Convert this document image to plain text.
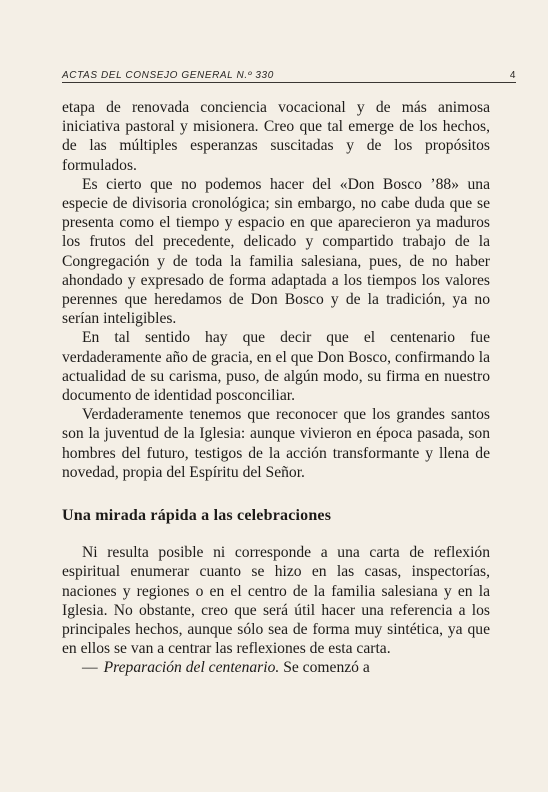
ACTAS DEL CONSEJO GENERAL N.º 330	4

etapa de renovada conciencia vocacional y de más animosa iniciativa pastoral y misionera. Creo que tal emerge de los hechos, de las múltiples esperanzas suscitadas y de los propósitos formulados.

Es cierto que no podemos hacer del «Don Bosco ’88» una especie de divisoria cronológica; sin embargo, no cabe duda que se presenta como el tiempo y espacio en que aparecieron ya maduros los frutos del precedente, delicado y compartido trabajo de la Congregación y de toda la familia salesiana, pues, de no haber ahondado y expresado de forma adaptada a los tiempos los valores perennes que heredamos de Don Bosco y de la tradición, ya no serían inteligibles.

En tal sentido hay que decir que el centenario fue verdaderamente año de gracia, en el que Don Bosco, confirmando la actualidad de su carisma, puso, de algún modo, su firma en nuestro documento de identidad posconciliar.

Verdaderamente tenemos que reconocer que los grandes santos son la juventud de la Iglesia: aunque vivieron en época pasada, son hombres del futuro, testigos de la acción transformante y llena de novedad, propia del Espíritu del Señor.

Una mirada rápida a las celebraciones

Ni resulta posible ni corresponde a una carta de reflexión espiritual enumerar cuanto se hizo en las casas, inspectorías, naciones y regiones o en el centro de la familia salesiana y en la Iglesia. No obstante, creo que será útil hacer una referencia a los principales hechos, aunque sólo sea de forma muy sintética, ya que en ellos se van a centrar las reflexiones de esta carta.

— Preparación del centenario. Se comenzó a
